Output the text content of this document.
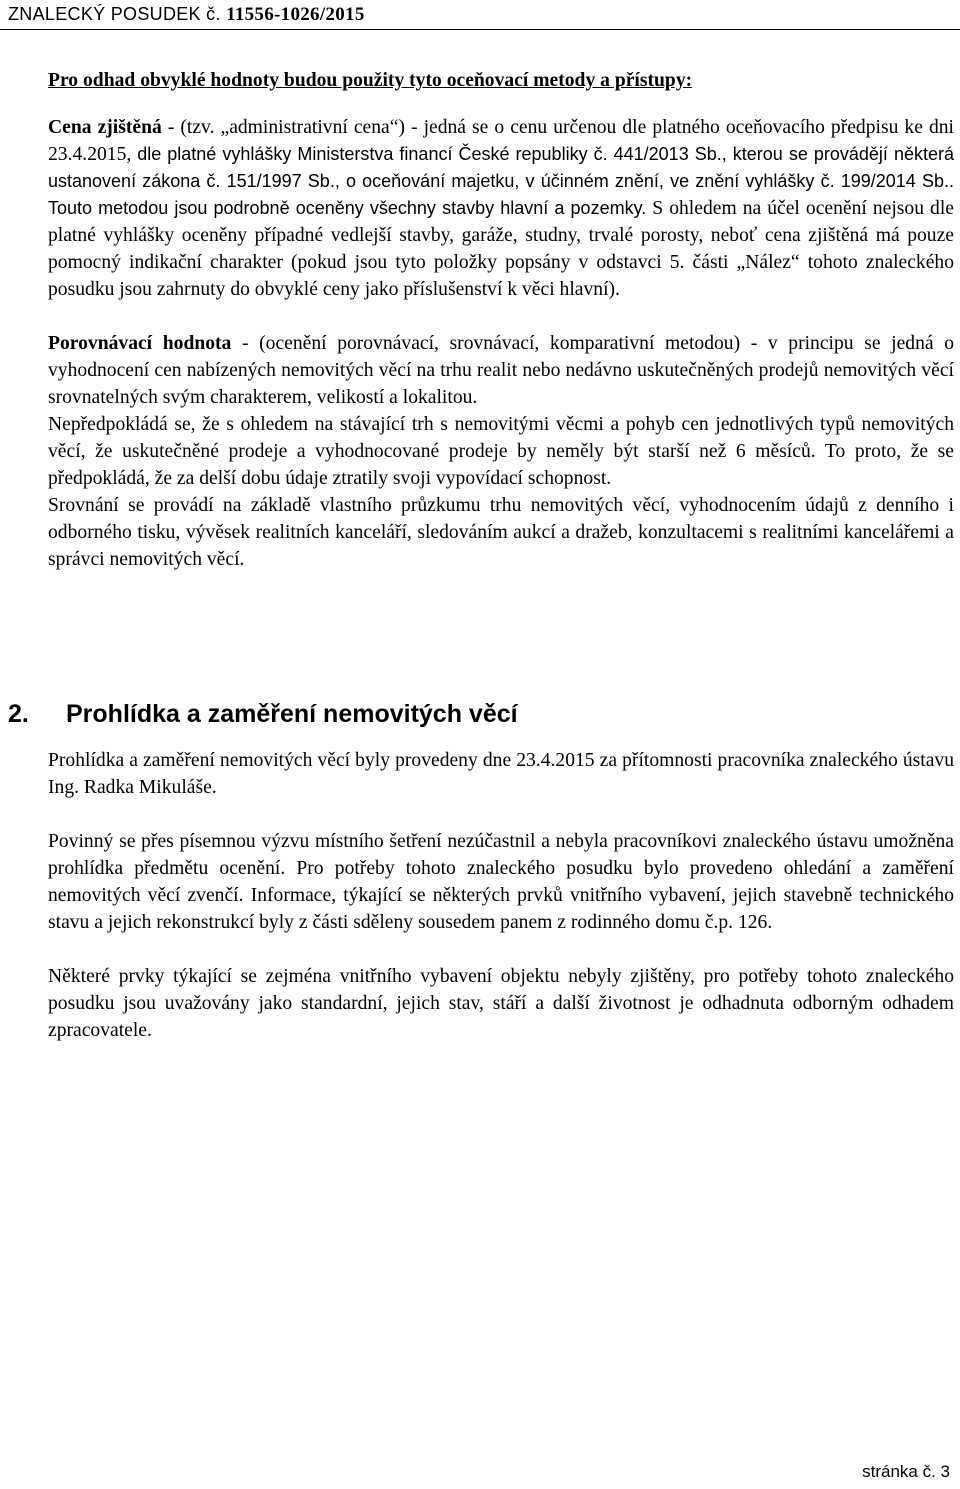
ZNALECKÝ POSUDEK č. 11556-1026/2015

Pro odhad obvyklé hodnoty budou použity tyto oceňovací metody a přístupy:

Cena zjištěná - (tzv. „administrativní cena“) - jedná se o cenu určenou dle platného oceňovacího předpisu ke dni 23.4.2015, dle platné vyhlášky Ministerstva financí České republiky č. 441/2013 Sb., kterou se provádějí některá ustanovení zákona č. 151/1997 Sb., o oceňování majetku, v účinném znění, ve znění vyhlášky č. 199/2014 Sb.. Touto metodou jsou podrobně oceněny všechny stavby hlavní a pozemky. S ohledem na účel ocenění nejsou dle platné vyhlášky oceněny případné vedlejší stavby, garáže, studny, trvalé porosty, neboť cena zjištěná má pouze pomocný indikační charakter (pokud jsou tyto položky popsány v odstavci 5. části „Nález“ tohoto znaleckého posudku jsou zahrnuty do obvyklé ceny jako příslušenství k věci hlavní).

Porovnávací hodnota - (ocenění porovnávací, srovnávací, komparativní metodou) - v principu se jedná o vyhodnocení cen nabízených nemovitých věcí na trhu realit nebo nedávno uskutečněných prodejů nemovitých věcí srovnatelných svým charakterem, velikostí a lokalitou.

Nepředpokládá se, že s ohledem na stávající trh s nemovitými věcmi a pohyb cen jednotlivých typů nemovitých věcí, že uskutečněné prodeje a vyhodnocované prodeje by neměly být starší než 6 měsíců. To proto, že se předpokládá, že za delší dobu údaje ztratily svoji vypovídací schopnost.

Srovnání se provádí na základě vlastního průzkumu trhu nemovitých věcí, vyhodnocením údajů z denního i odborného tisku, vývěsek realitních kanceláří, sledováním aukcí a dražeb, konzultacemi s realitními kancelářemi a správci nemovitých věcí.

2. Prohlídka a zaměření nemovitých věcí

Prohlídka a zaměření nemovitých věcí byly provedeny dne 23.4.2015 za přítomnosti pracovníka znaleckého ústavu Ing. Radka Mikuláše.

Povinný se přes písemnou výzvu místního šetření nezúčastnil a nebyla pracovníkovi znaleckého ústavu umožněna prohlídka předmětu ocenění. Pro potřeby tohoto znaleckého posudku bylo provedeno ohledání a zaměření nemovitých věcí zvenčí. Informace, týkající se některých prvků vnitřního vybavení, jejich stavebně technického stavu a jejich rekonstrukcí byly z části sděleny sousedem panem z rodinného domu č.p. 126.

Některé prvky týkající se zejména vnitřního vybavení objektu nebyly zjištěny, pro potřeby tohoto znaleckého posudku jsou uvažovány jako standardní, jejich stav, stáří a další životnost je odhadnuta odborným odhadem zpracovatele.

stránka č. 3
